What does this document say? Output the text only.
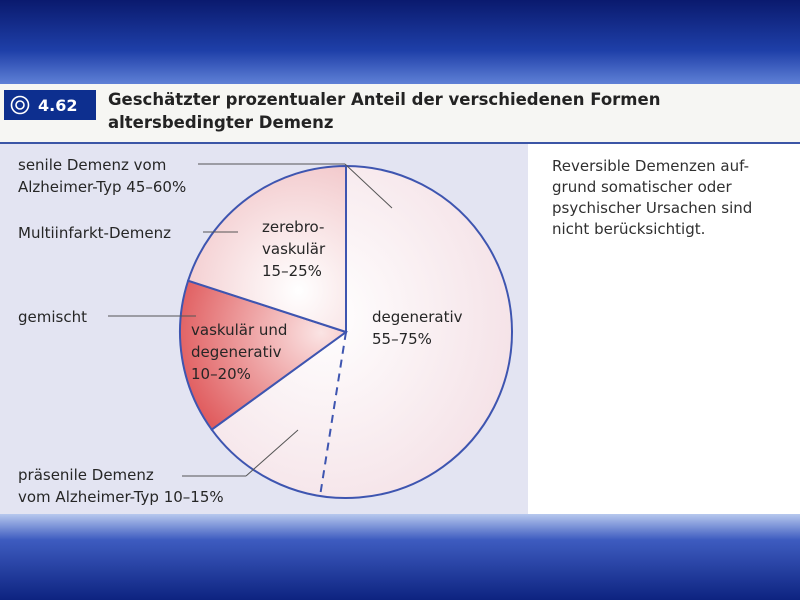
4.62 Geschätzter prozentualer Anteil der verschiedenen Formen
altersbedingter Demenz
degenerativ
55–75%
zerebro-
vaskulär
15–25%
vaskulär und
degenerativ
10–20%
senile Demenz vom
Alzheimer-Typ 45–60%
Multiinfarkt-Demenz
gemischt
präsenile Demenz
vom Alzheimer-Typ 10–15%
Reversible Demenzen auf-
grund somatischer oder
psychischer Ursachen sind
nicht berücksichtigt.
